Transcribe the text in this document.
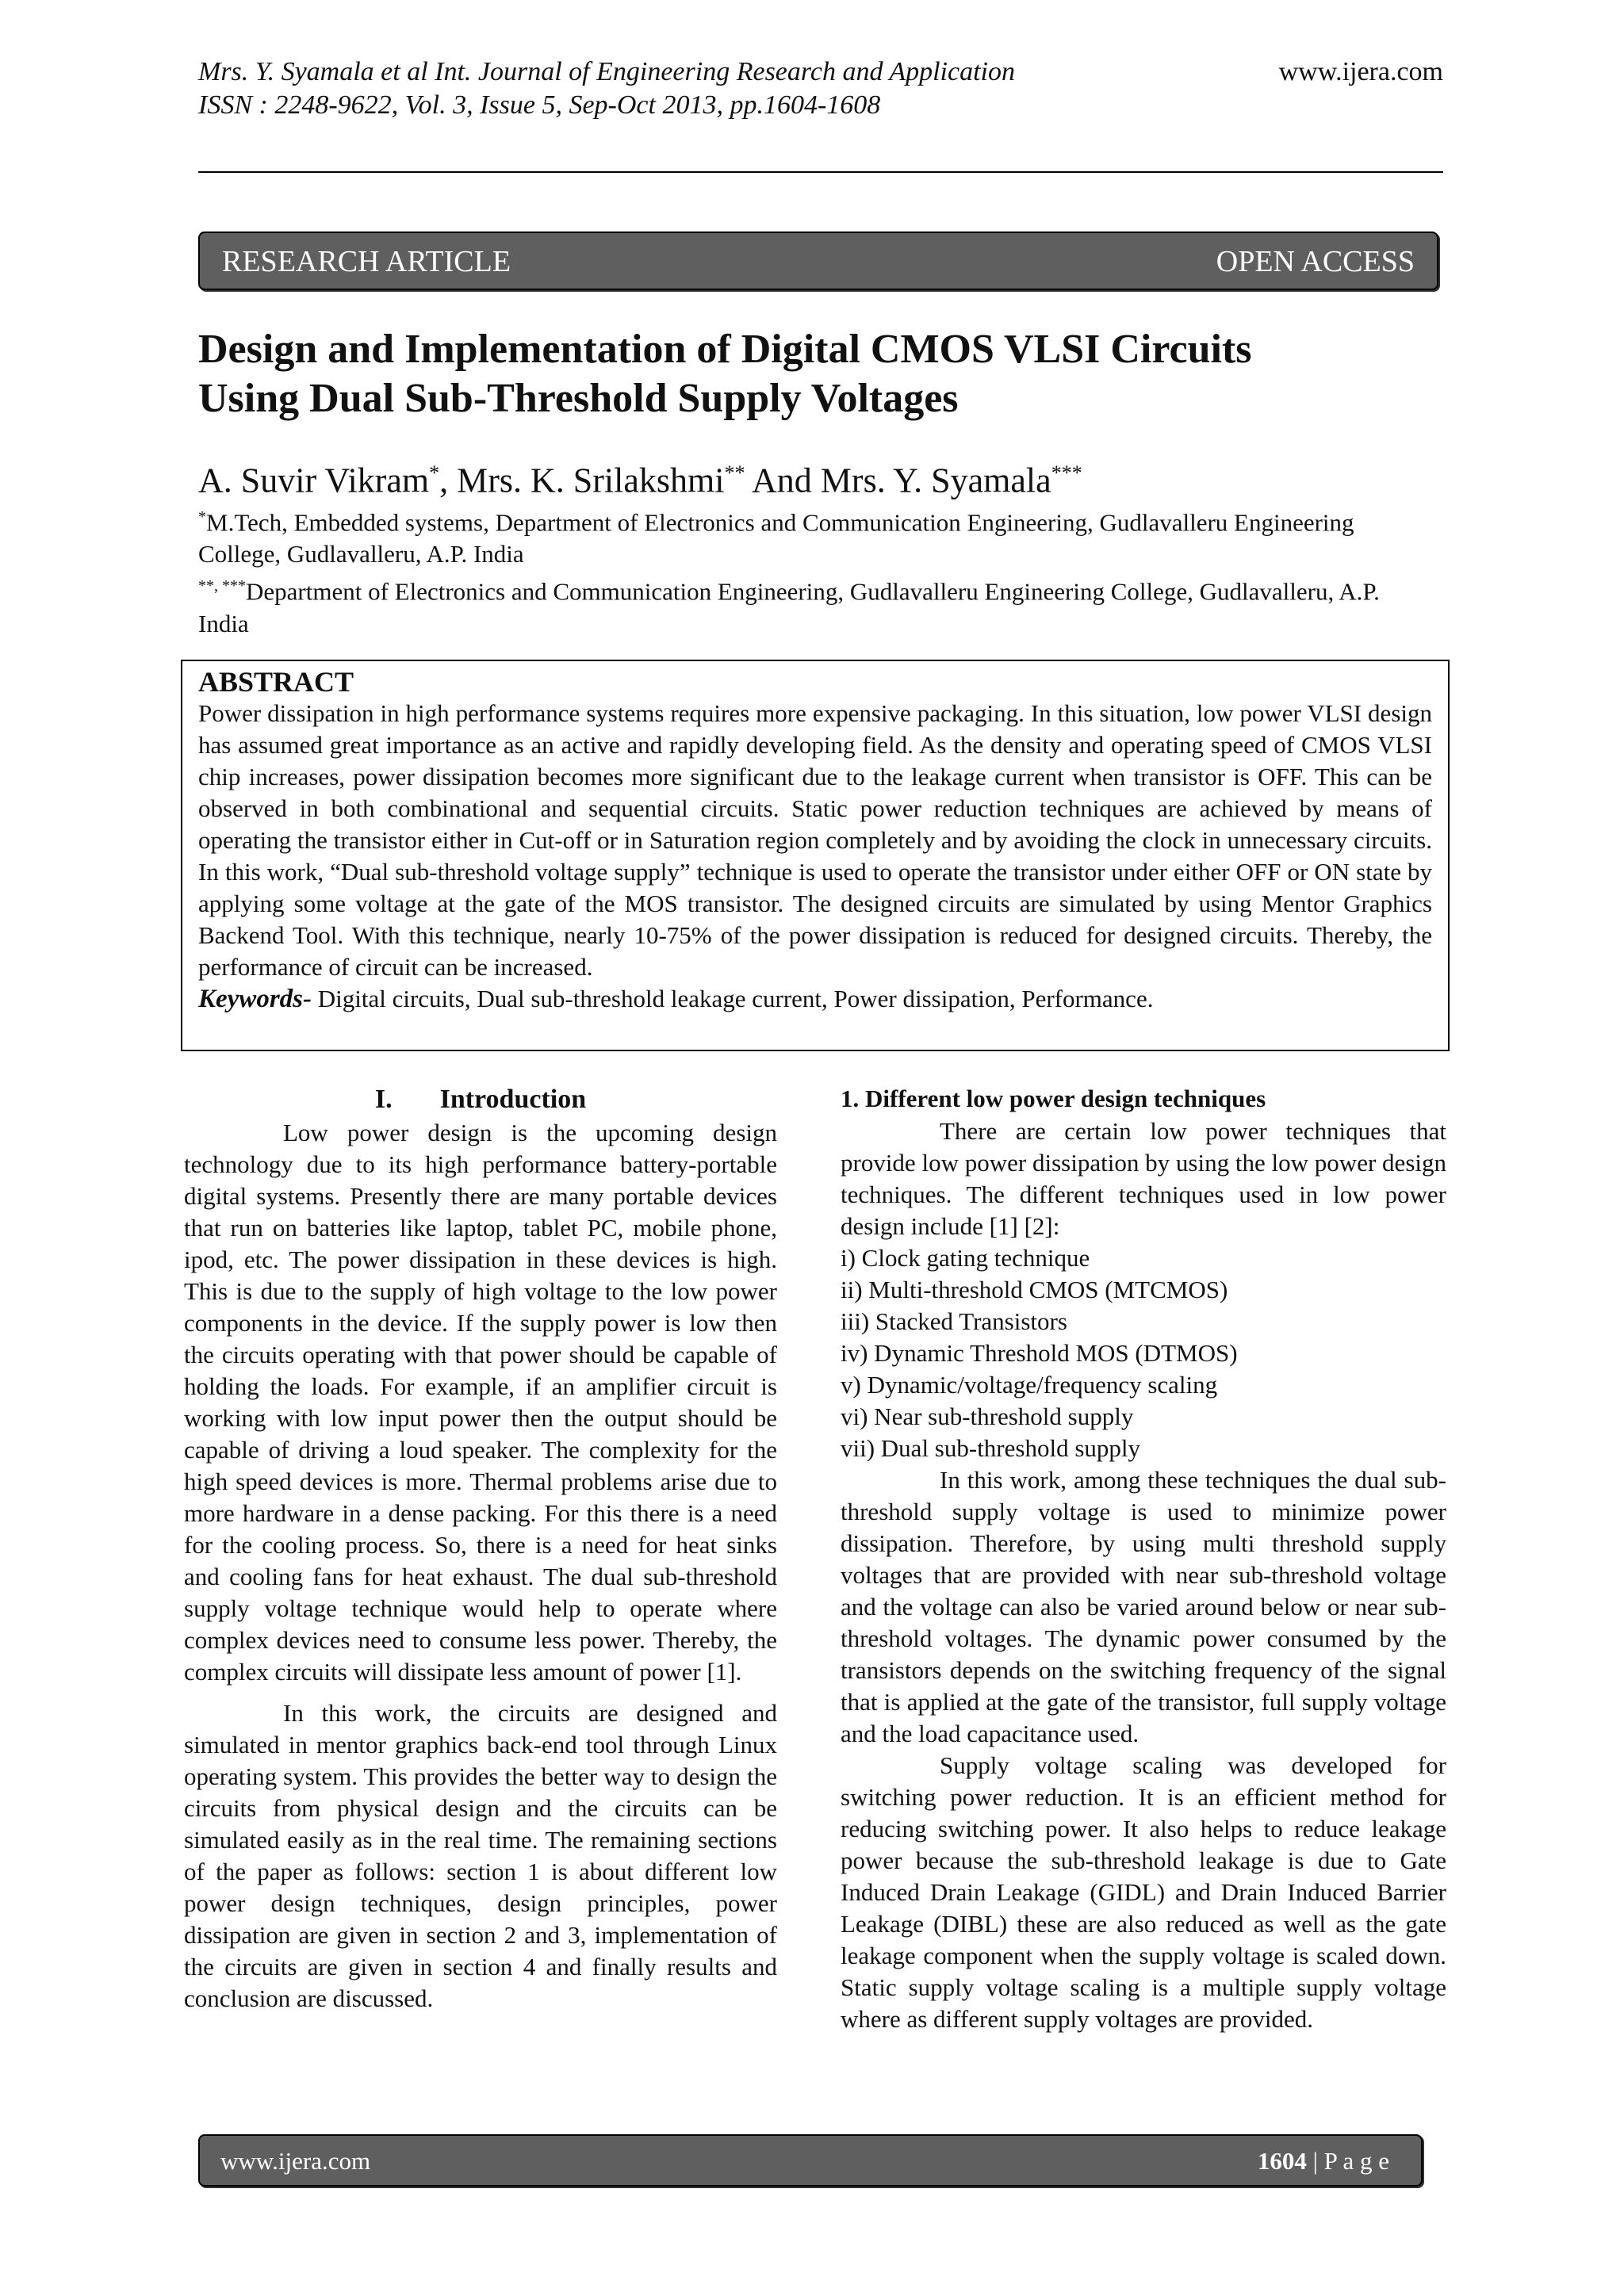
Mrs. Y. Syamala et al Int. Journal of Engineering Research and Application
ISSN : 2248-9622, Vol. 3, Issue 5, Sep-Oct 2013, pp.1604-1608
www.ijera.com
RESEARCH ARTICLE	OPEN ACCESS
Design and Implementation of Digital CMOS VLSI Circuits
Using Dual Sub-Threshold Supply Voltages
A. Suvir Vikram*, Mrs. K. Srilakshmi** And Mrs. Y. Syamala***
*M.Tech, Embedded systems, Department of Electronics and Communication Engineering, Gudlavalleru Engineering College, Gudlavalleru, A.P. India
**, ***Department of Electronics and Communication Engineering, Gudlavalleru Engineering College, Gudlavalleru, A.P. India
ABSTRACT

Power dissipation in high performance systems requires more expensive packaging. In this situation, low power VLSI design has assumed great importance as an active and rapidly developing field. As the density and operating speed of CMOS VLSI chip increases, power dissipation becomes more significant due to the leakage current when transistor is OFF. This can be observed in both combinational and sequential circuits. Static power reduction techniques are achieved by means of operating the transistor either in Cut-off or in Saturation region completely and by avoiding the clock in unnecessary circuits. In this work, “Dual sub-threshold voltage supply” technique is used to operate the transistor under either OFF or ON state by applying some voltage at the gate of the MOS transistor. The designed circuits are simulated by using Mentor Graphics Backend Tool. With this technique, nearly 10-75% of the power dissipation is reduced for designed circuits. Thereby, the performance of circuit can be increased.

Keywords- Digital circuits, Dual sub-threshold leakage current, Power dissipation, Performance.
I. Introduction

Low power design is the upcoming design technology due to its high performance battery-portable digital systems. Presently there are many portable devices that run on batteries like laptop, tablet PC, mobile phone, ipod, etc. The power dissipation in these devices is high. This is due to the supply of high voltage to the low power components in the device. If the supply power is low then the circuits operating with that power should be capable of holding the loads. For example, if an amplifier circuit is working with low input power then the output should be capable of driving a loud speaker. The complexity for the high speed devices is more. Thermal problems arise due to more hardware in a dense packing. For this there is a need for the cooling process. So, there is a need for heat sinks and cooling fans for heat exhaust. The dual sub-threshold supply voltage technique would help to operate where complex devices need to consume less power. Thereby, the complex circuits will dissipate less amount of power [1].

In this work, the circuits are designed and simulated in mentor graphics back-end tool through Linux operating system. This provides the better way to design the circuits from physical design and the circuits can be simulated easily as in the real time. The remaining sections of the paper as follows: section 1 is about different low power design techniques, design principles, power dissipation are given in section 2 and 3, implementation of the circuits are given in section 4 and finally results and conclusion are discussed.

1. Different low power design techniques

There are certain low power techniques that provide low power dissipation by using the low power design techniques. The different techniques used in low power design include [1] [2]:

i) Clock gating technique

ii) Multi-threshold CMOS (MTCMOS)

iii) Stacked Transistors

iv) Dynamic Threshold MOS (DTMOS)

v) Dynamic/voltage/frequency scaling

vi) Near sub-threshold supply

vii) Dual sub-threshold supply

In this work, among these techniques the dual sub-threshold supply voltage is used to minimize power dissipation. Therefore, by using multi threshold supply voltages that are provided with near sub-threshold voltage and the voltage can also be varied around below or near sub-threshold voltages. The dynamic power consumed by the transistors depends on the switching frequency of the signal that is applied at the gate of the transistor, full supply voltage and the load capacitance used.

Supply voltage scaling was developed for switching power reduction. It is an efficient method for reducing switching power. It also helps to reduce leakage power because the sub-threshold leakage is due to Gate Induced Drain Leakage (GIDL) and Drain Induced Barrier Leakage (DIBL) these are also reduced as well as the gate leakage component when the supply voltage is scaled down. Static supply voltage scaling is a multiple supply voltage where as different supply voltages are provided.

www.ijera.com	1604 | P a g e
